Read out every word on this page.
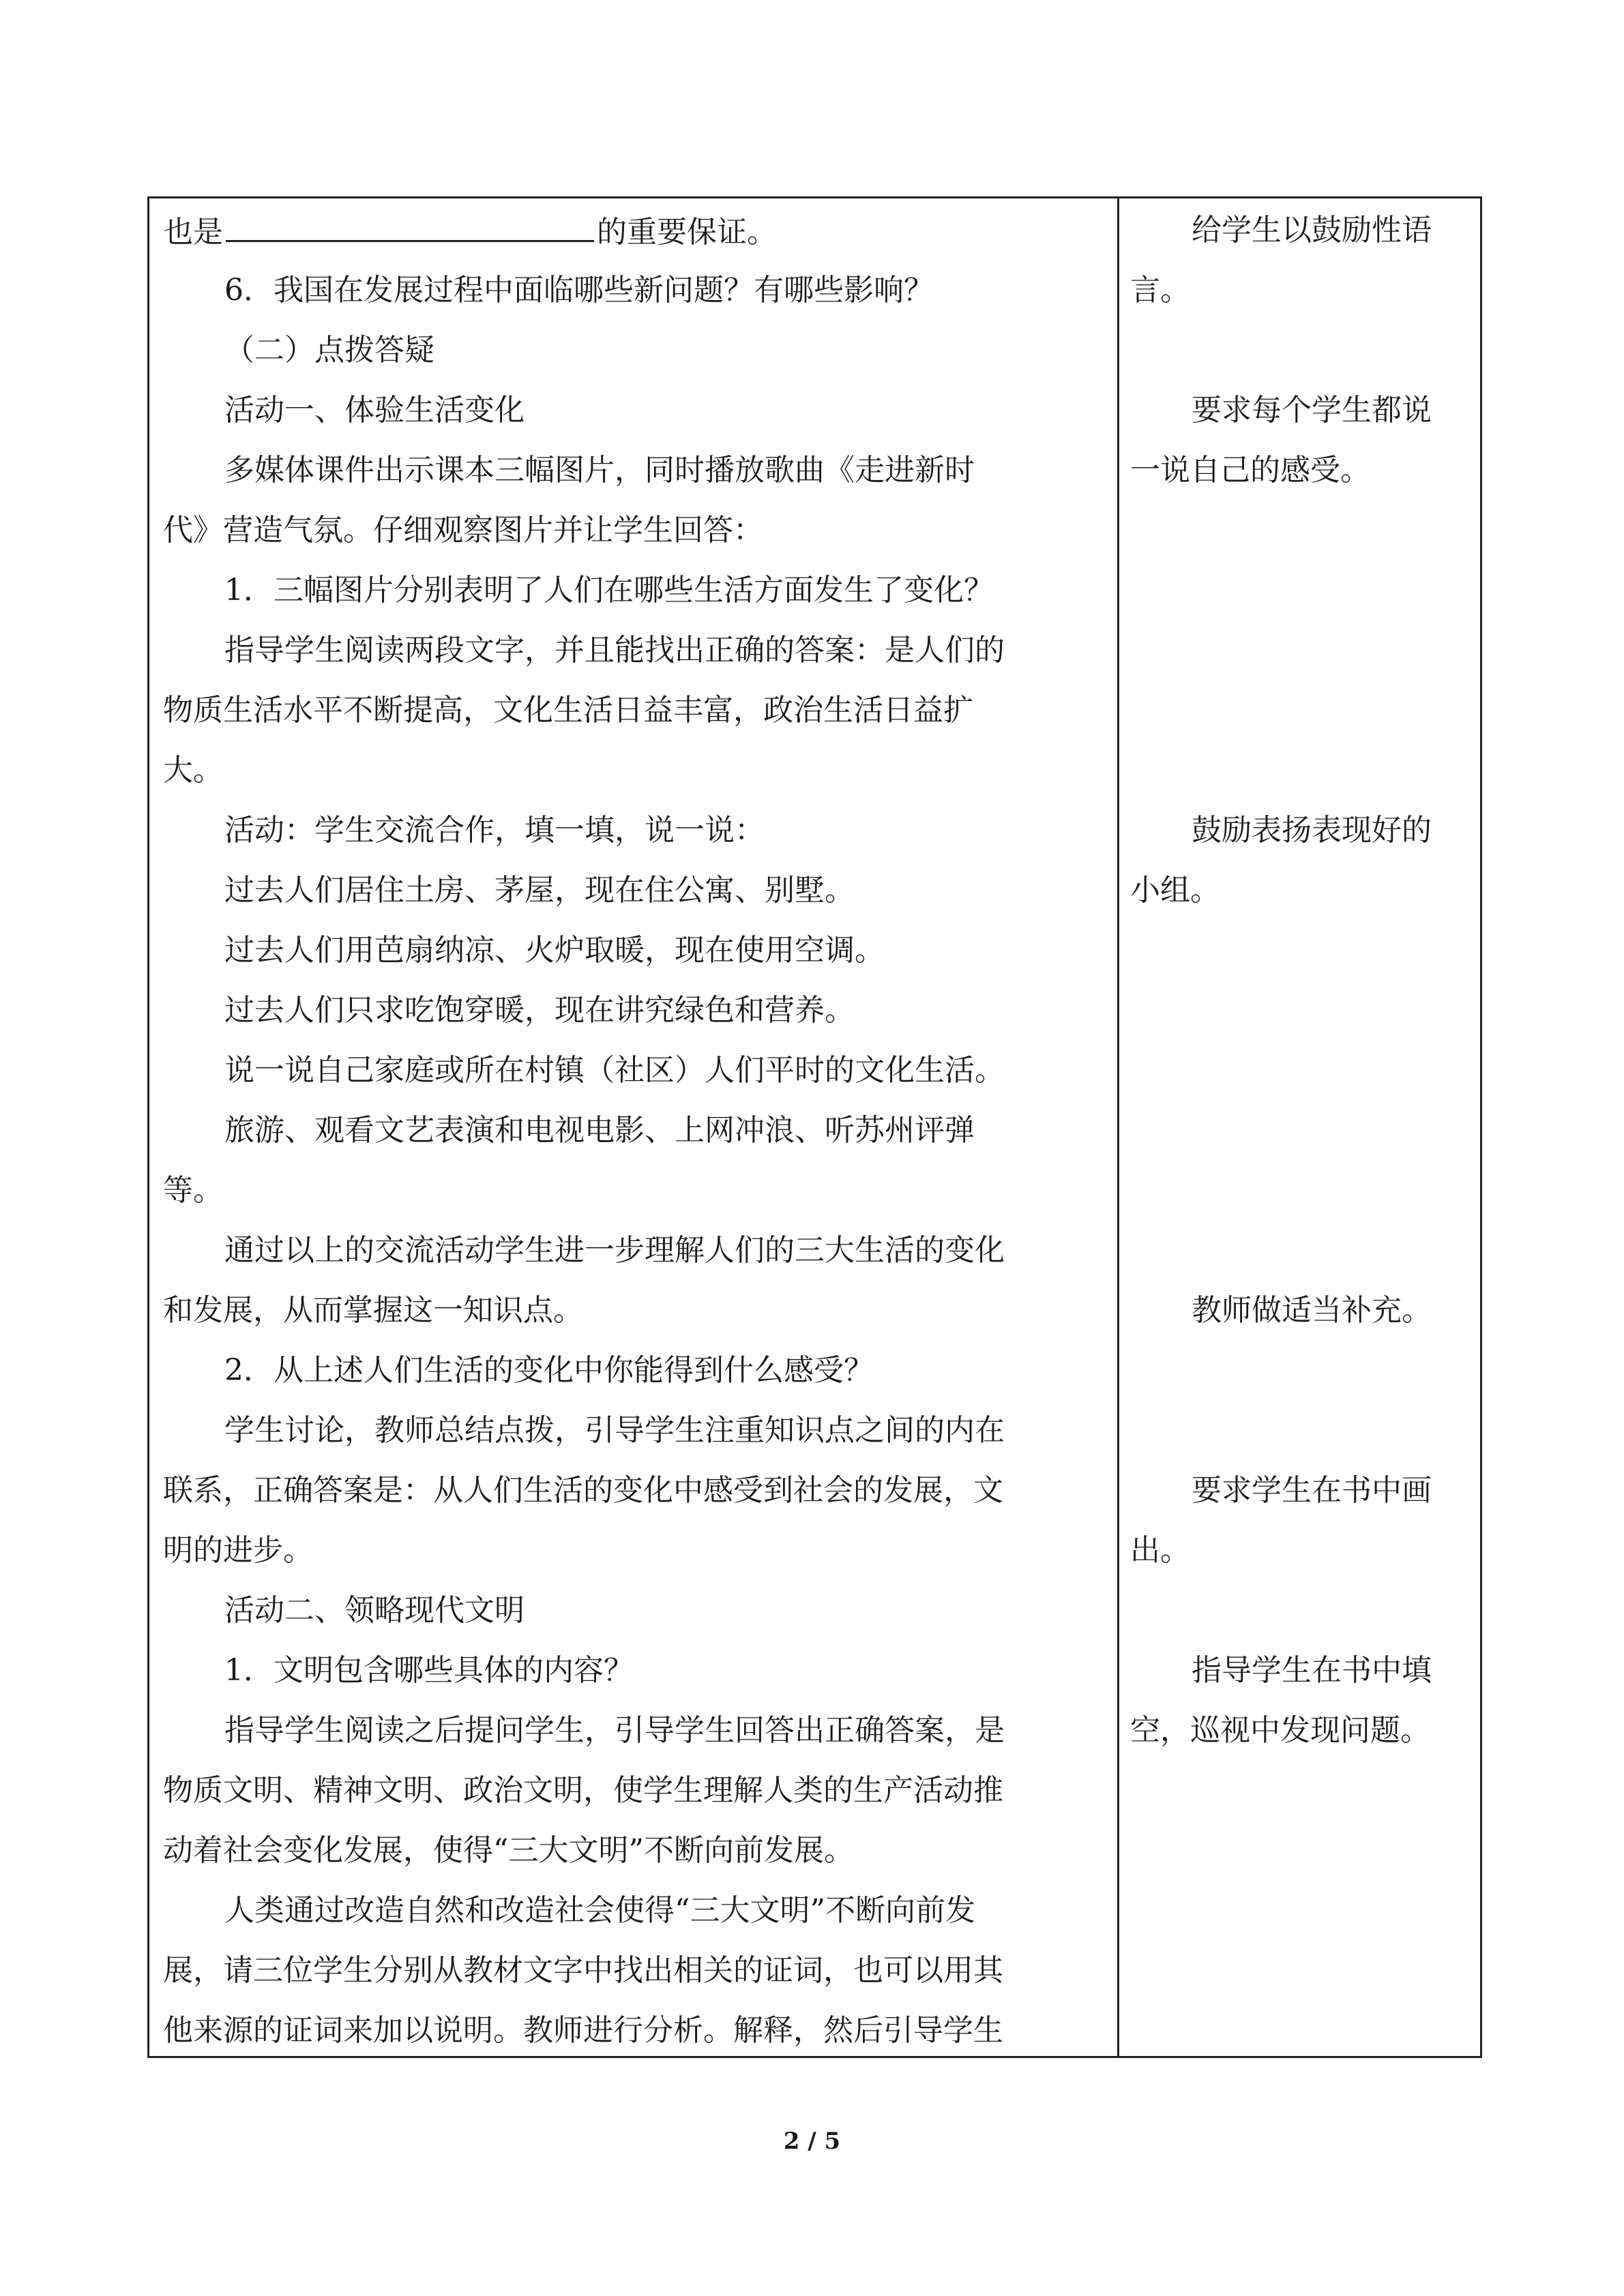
也是	的重要保证。
6．我国在发展过程中面临哪些新问题？有哪些影响？
（二）点拨答疑
活动一、体验生活变化
多媒体课件出示课本三幅图片，同时播放歌曲《走进新时
代》营造气氛。仔细观察图片并让学生回答：
1．三幅图片分别表明了人们在哪些生活方面发生了变化？
指导学生阅读两段文字，并且能找出正确的答案：是人们的
物质生活水平不断提高，文化生活日益丰富，政治生活日益扩
大。
活动：学生交流合作，填一填，说一说：
过去人们居住土房、茅屋，现在住公寓、别墅。
过去人们用芭扇纳凉、火炉取暖，现在使用空调。
过去人们只求吃饱穿暖，现在讲究绿色和营养。
说一说自己家庭或所在村镇（社区）人们平时的文化生活。
旅游、观看文艺表演和电视电影、上网冲浪、听苏州评弹
等。
通过以上的交流活动学生进一步理解人们的三大生活的变化
和发展，从而掌握这一知识点。
2．从上述人们生活的变化中你能得到什么感受？
学生讨论，教师总结点拨，引导学生注重知识点之间的内在
联系，正确答案是：从人们生活的变化中感受到社会的发展，文
明的进步。
活动二、领略现代文明
1．文明包含哪些具体的内容？
指导学生阅读之后提问学生，引导学生回答出正确答案，是
物质文明、精神文明、政治文明，使学生理解人类的生产活动推
动着社会变化发展，使得“三大文明”不断向前发展。
人类通过改造自然和改造社会使得“三大文明”不断向前发
展，请三位学生分别从教材文字中找出相关的证词，也可以用其
他来源的证词来加以说明。教师进行分析。解释，然后引导学生
给学生以鼓励性语
言。
要求每个学生都说
一说自己的感受。
鼓励表扬表现好的
小组。
教师做适当补充。
要求学生在书中画
出。
指导学生在书中填
空，巡视中发现问题。
2 / 5
